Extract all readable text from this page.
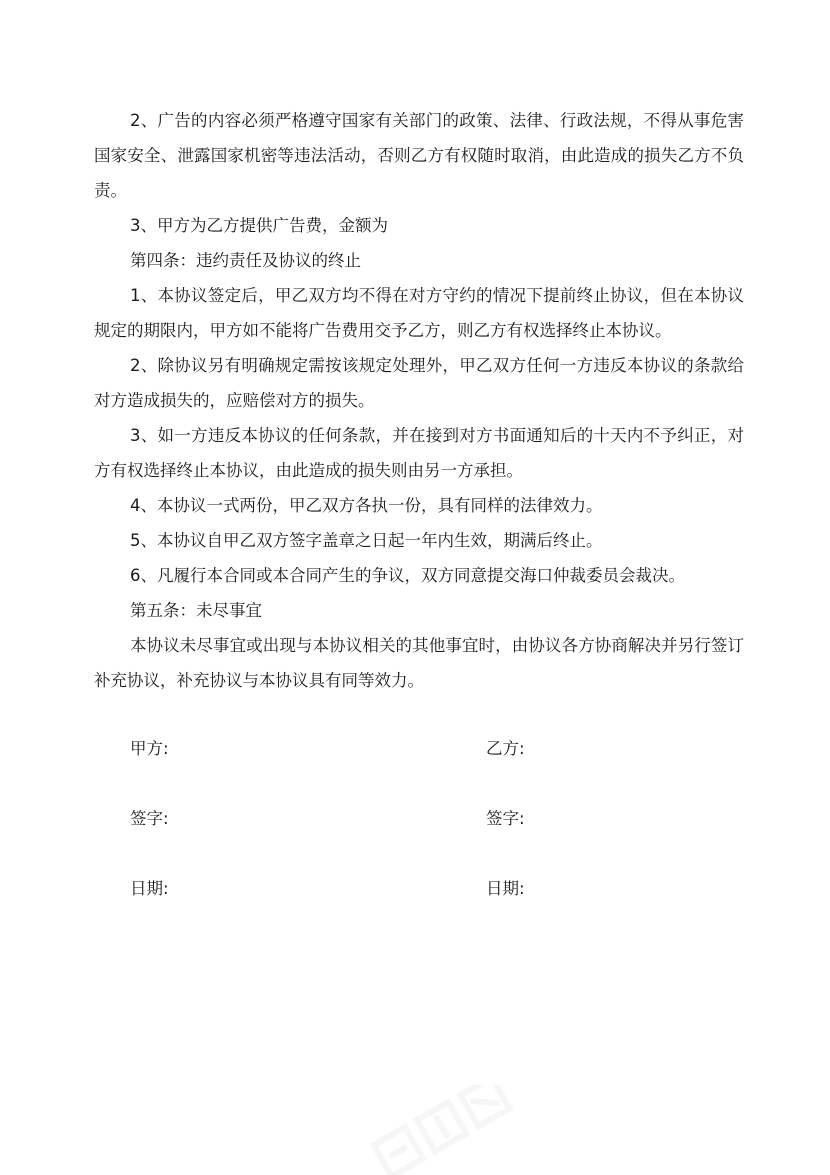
2、广告的内容必须严格遵守国家有关部门的政策、法律、行政法规，不得从事危害国家安全、泄露国家机密等违法活动，否则乙方有权随时取消，由此造成的损失乙方不负责。

3、甲方为乙方提供广告费，金额为

第四条：违约责任及协议的终止

1、本协议签定后，甲乙双方均不得在对方守约的情况下提前终止协议，但在本协议规定的期限内，甲方如不能将广告费用交予乙方，则乙方有权选择终止本协议。

2、除协议另有明确规定需按该规定处理外，甲乙双方任何一方违反本协议的条款给对方造成损失的，应赔偿对方的损失。

3、如一方违反本协议的任何条款，并在接到对方书面通知后的十天内不予纠正，对方有权选择终止本协议，由此造成的损失则由另一方承担。

4、本协议一式两份，甲乙双方各执一份，具有同样的法律效力。

5、本协议自甲乙双方签字盖章之日起一年内生效，期满后终止。

6、凡履行本合同或本合同产生的争议，双方同意提交海口仲裁委员会裁决。

第五条：未尽事宜

本协议未尽事宜或出现与本协议相关的其他事宜时，由协议各方协商解决并另行签订补充协议，补充协议与本协议具有同等效力。

甲方:	乙方:
签字:	签字:
日期:	日期:
